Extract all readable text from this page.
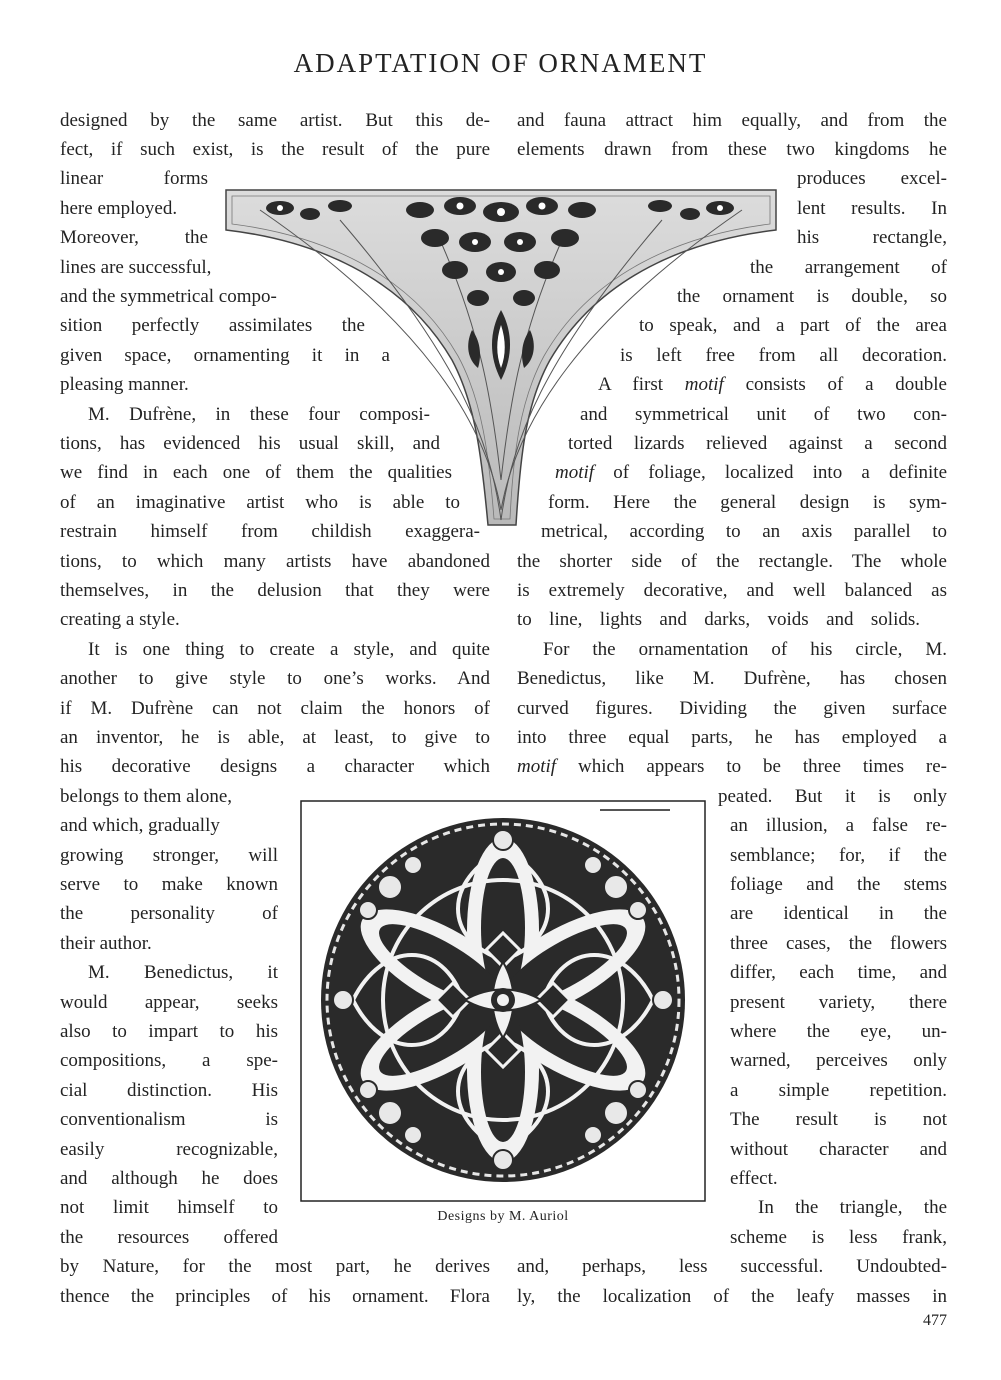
ADAPTATION OF ORNAMENT
designed by the same artist. But this de-
fect, if such exist, is the result of the pure
linear forms
here employed.
Moreover, the
lines are successful,
and the symmetrical compo-
sition perfectly assimilates the
given space, ornamenting it in a
pleasing manner.
M. Dufrène, in these four composi-
tions, has evidenced his usual skill, and
we find in each one of them the qualities
of an imaginative artist who is able to
restrain himself from childish exaggera-
tions, to which many artists have abandoned
themselves, in the delusion that they were
creating a style.
It is one thing to create a style, and quite
another to give style to one’s works. And
if M. Dufrène can not claim the honors of
an inventor, he is able, at least, to give to
his decorative designs a character which
belongs to them alone,
and which, gradually
growing stronger, will
serve to make known
the personality of
their author.
M. Benedictus, it
would appear, seeks
also to impart to his
compositions, a spe-
cial distinction. His
conventionalism is
easily recognizable,
and although he does
not limit himself to
the resources offered
by Nature, for the most part, he derives
thence the principles of his ornament. Flora
and fauna attract him equally, and from the
elements drawn from these two kingdoms he
produces excel-
lent results. In
his rectangle,
the arrangement of
the ornament is double, so
to speak, and a part of the area
is left free from all decoration.
A first motif consists of a double
and symmetrical unit of two con-
torted lizards relieved against a second
motif of foliage, localized into a definite
form. Here the general design is sym-
metrical, according to an axis parallel to
the shorter side of the rectangle. The whole
is extremely decorative, and well balanced as
to line, lights and darks, voids and solids.
For the ornamentation of his circle, M.
Benedictus, like M. Dufrène, has chosen
curved figures. Dividing the given surface
into three equal parts, he has employed a
motif which appears to be three times re-
peated. But it is only
an illusion, a false re-
semblance; for, if the
foliage and the stems
are identical in the
three cases, the flowers
differ, each time, and
present variety, there
where the eye, un-
warned, perceives only
a simple repetition.
The result is not
without character and
effect.
In the triangle, the
scheme is less frank,
and, perhaps, less successful. Undoubted-
ly, the localization of the leafy masses in
Designs by M. Auriol
477
